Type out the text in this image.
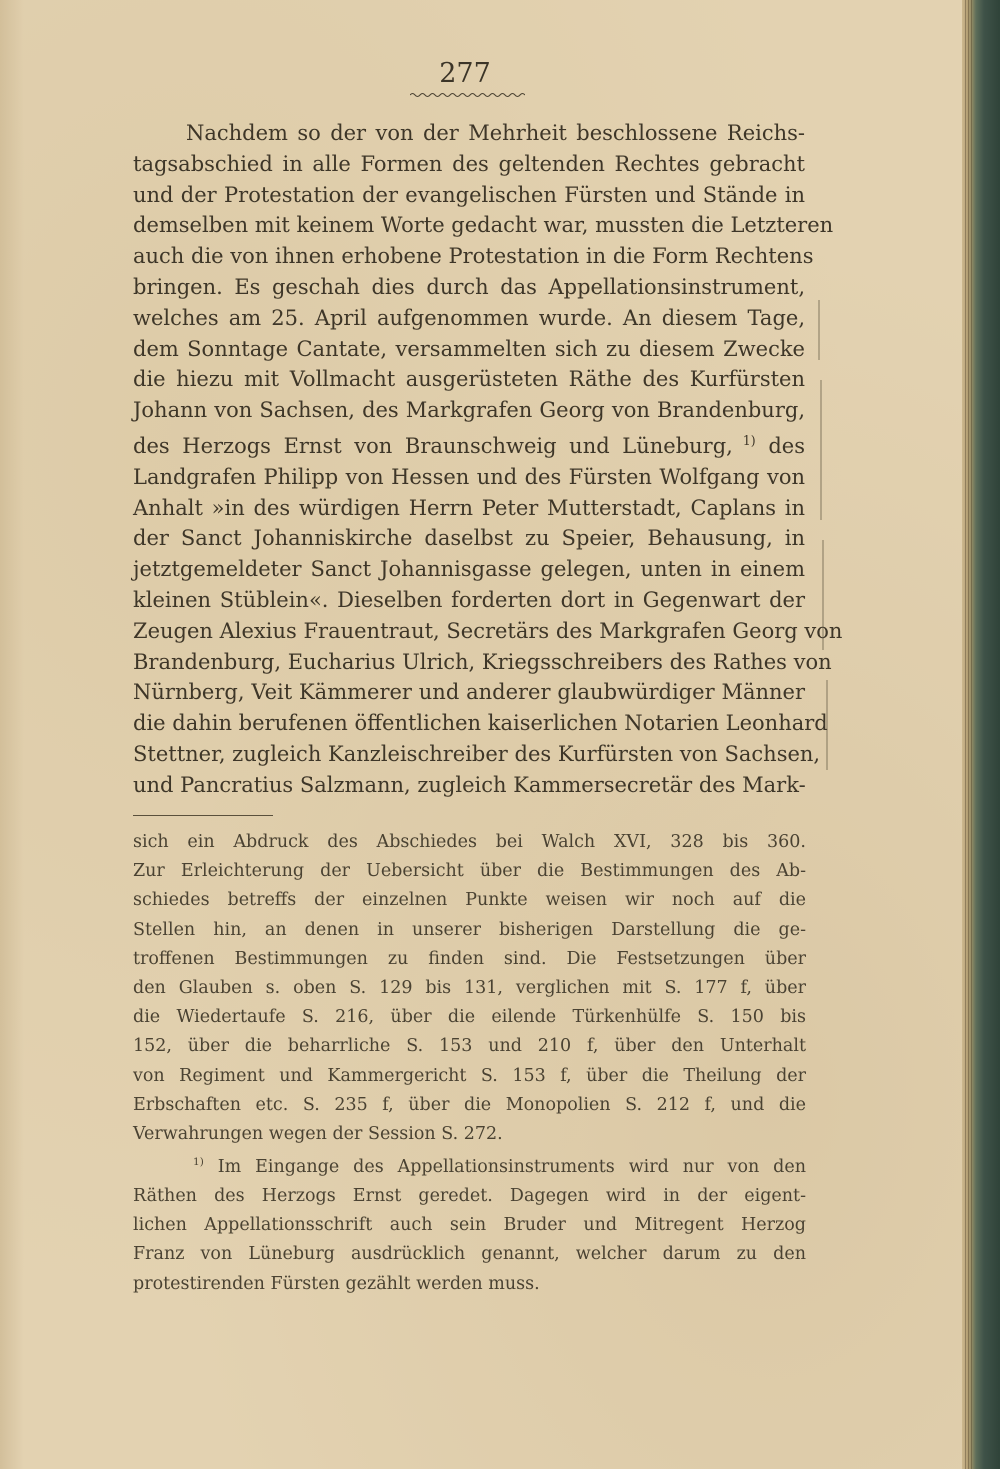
277
Nachdem so der von der Mehrheit beschlossene Reichs-
tagsabschied in alle Formen des geltenden Rechtes gebracht
und der Protestation der evangelischen Fürsten und Stände in
demselben mit keinem Worte gedacht war, mussten die Letzteren
auch die von ihnen erhobene Protestation in die Form Rechtens
bringen. Es geschah dies durch das Appellationsinstrument,
welches am 25. April aufgenommen wurde. An diesem Tage,
dem Sonntage Cantate, versammelten sich zu diesem Zwecke
die hiezu mit Vollmacht ausgerüsteten Räthe des Kurfürsten
Johann von Sachsen, des Markgrafen Georg von Brandenburg,
des Herzogs Ernst von Braunschweig und Lüneburg, $^{1)}$ des
Landgrafen Philipp von Hessen und des Fürsten Wolfgang von
Anhalt »in des würdigen Herrn Peter Mutterstadt, Caplans in
der Sanct Johanniskirche daselbst zu Speier, Behausung, in
jetztgemeldeter Sanct Johannisgasse gelegen, unten in einem
kleinen Stüblein«. Dieselben forderten dort in Gegenwart der
Zeugen Alexius Frauentraut, Secretärs des Markgrafen Georg von
Brandenburg, Eucharius Ulrich, Kriegsschreibers des Rathes von
Nürnberg, Veit Kämmerer und anderer glaubwürdiger Männer
die dahin berufenen öffentlichen kaiserlichen Notarien Leonhard
Stettner, zugleich Kanzleischreiber des Kurfürsten von Sachsen,
und Pancratius Salzmann, zugleich Kammersecretär des Mark-
sich ein Abdruck des Abschiedes bei Walch XVI, 328 bis 360.
Zur Erleichterung der Uebersicht über die Bestimmungen des Ab-
schiedes betreffs der einzelnen Punkte weisen wir noch auf die
Stellen hin, an denen in unserer bisherigen Darstellung die ge-
troffenen Bestimmungen zu finden sind. Die Festsetzungen über
den Glauben s. oben S. 129 bis 131, verglichen mit S. 177 f, über
die Wiedertaufe S. 216, über die eilende Türkenhülfe S. 150 bis
152, über die beharrliche S. 153 und 210 f, über den Unterhalt
von Regiment und Kammergericht S. 153 f, über die Theilung der
Erbschaften etc. S. 235 f, über die Monopolien S. 212 f, und die
Verwahrungen wegen der Session S. 272.
$^{1)}$ Im Eingange des Appellationsinstruments wird nur von den
Räthen des Herzogs Ernst geredet. Dagegen wird in der eigent-
lichen Appellationsschrift auch sein Bruder und Mitregent Herzog
Franz von Lüneburg ausdrücklich genannt, welcher darum zu den
protestirenden Fürsten gezählt werden muss.
